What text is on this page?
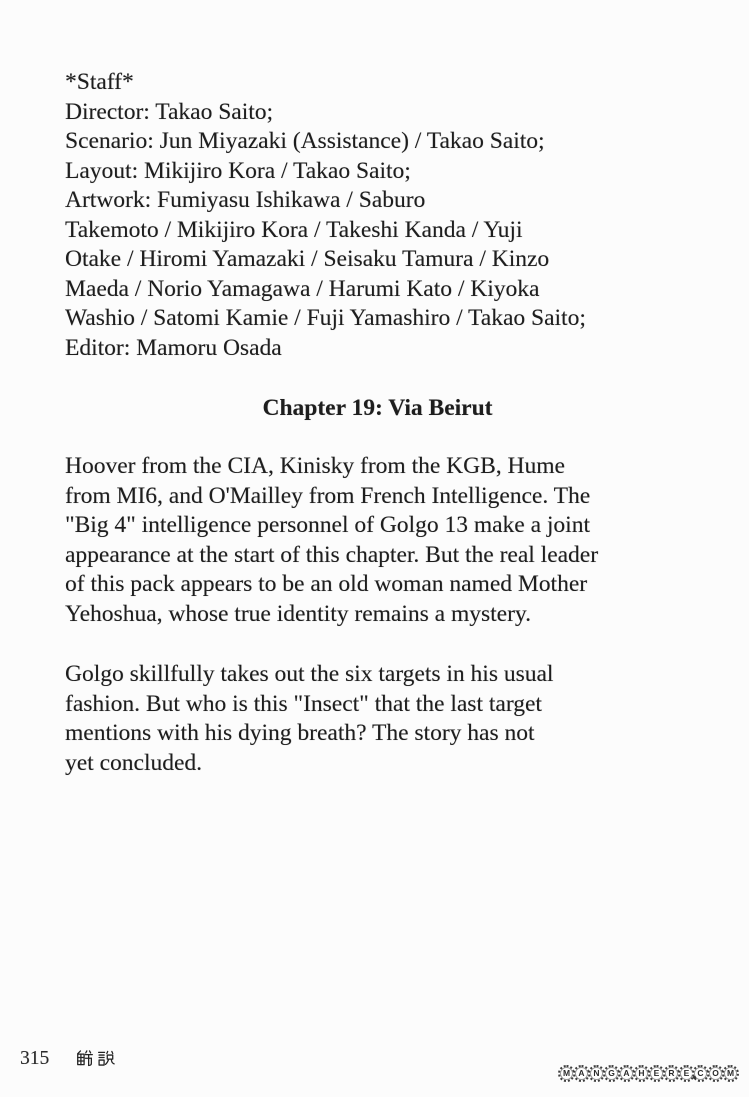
*Staff*
Director: Takao Saito;
Scenario: Jun Miyazaki (Assistance) / Takao Saito;
Layout: Mikijiro Kora / Takao Saito;
Artwork: Fumiyasu Ishikawa / Saburo
Takemoto / Mikijiro Kora / Takeshi Kanda / Yuji
Otake / Hiromi Yamazaki / Seisaku Tamura / Kinzo
Maeda / Norio Yamagawa / Harumi Kato / Kiyoka
Washio / Satomi Kamie / Fuji Yamashiro / Takao Saito;
Editor: Mamoru Osada
Chapter 19: Via Beirut
Hoover from the CIA, Kinisky from the KGB, Hume
from MI6, and O'Mailley from French Intelligence. The
"Big 4" intelligence personnel of Golgo 13 make a joint
appearance at the start of this chapter. But the real leader
of this pack appears to be an old woman named Mother
Yehoshua, whose true identity remains a mystery.
Golgo skillfully takes out the six targets in his usual
fashion. But who is this "Insect" that the last target
mentions with his dying breath? The story has not
yet concluded.
315
M A	N	G	A	H	E	R	E C	O M
